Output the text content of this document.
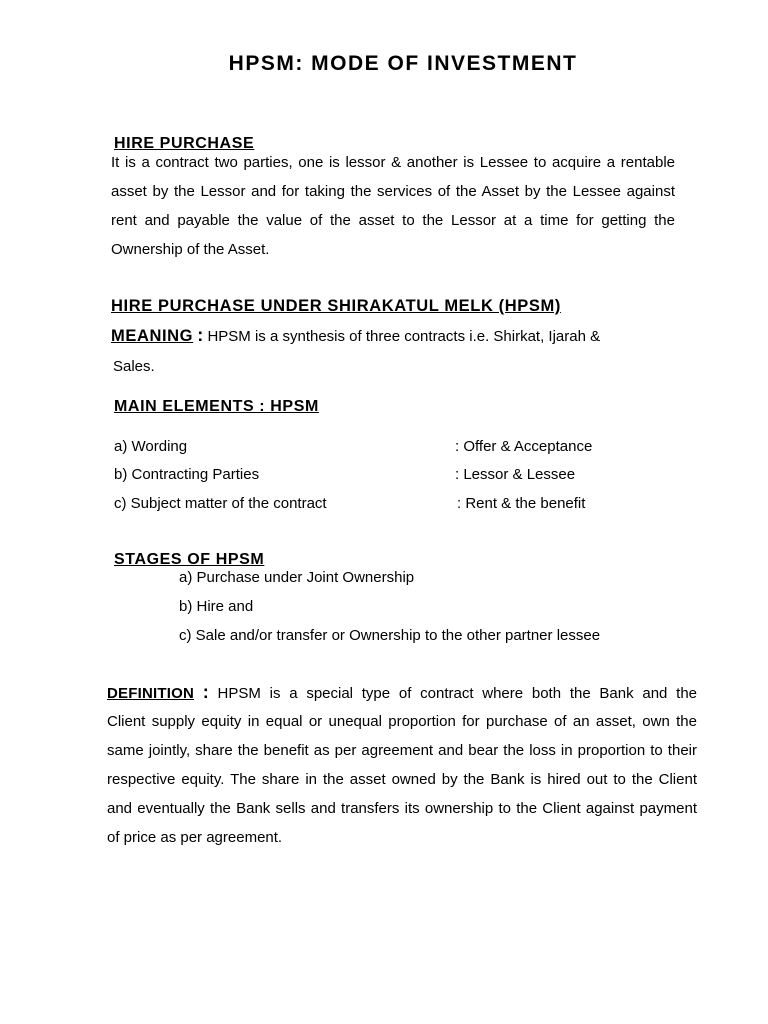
HPSM: MODE OF INVESTMENT
HIRE PURCHASE
It is a contract two parties, one is lessor & another is Lessee to acquire a rentable asset by the Lessor and for taking the services of the Asset by the Lessee against rent and payable the value of the asset to the Lessor at a time for getting the Ownership of the Asset.
HIRE PURCHASE UNDER SHIRAKATUL MELK (HPSM)
MEANING : HPSM is a synthesis of three contracts i.e. Shirkat, Ijarah &
Sales.
MAIN ELEMENTS : HPSM
a) Wording	: Offer & Acceptance
b) Contracting Parties	: Lessor & Lessee
c) Subject matter of the contract	: Rent & the benefit
STAGES OF HPSM
a) Purchase under Joint Ownership
b) Hire and
c) Sale and/or transfer or Ownership to the other partner lessee
DEFINITION : HPSM is a special type of contract where both the Bank and the
Client supply equity in equal or unequal proportion for purchase of an asset, own the same jointly, share the benefit as per agreement and bear the loss in proportion to their respective equity. The share in the asset owned by the Bank is hired out to the Client and eventually the Bank sells and transfers its ownership to the Client against payment of price as per agreement.
